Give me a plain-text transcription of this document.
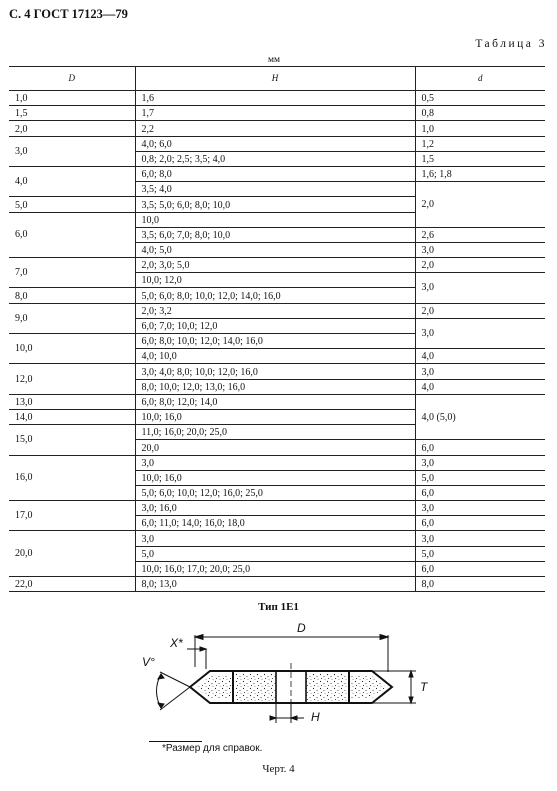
С. 4 ГОСТ 17123—79
Таблица 3
мм
D	H	d
1,0	1,6	0,5
1,5	1,7	0,8
2,0	2,2	1,0
3,0	4,0; 6,0	1,2
	0,8; 2,0; 2,5; 3,5; 4,0	1,5
4,0	6,0; 8,0	1,6; 1,8
	3,5; 4,0	2,0
5,0	3,5; 5,0; 6,0; 8,0; 10,0	
6,0	10,0	
	3,5; 6,0; 7,0; 8,0; 10,0	2,6
	4,0; 5,0	3,0
7,0	2,0; 3,0; 5,0	2,0
	10,0; 12,0	3,0
8,0	5,0; 6,0; 8,0; 10,0; 12,0; 14,0; 16,0	
9,0	2,0; 3,2	2,0
	6,0; 7,0; 10,0; 12,0	3,0
10,0	6,0; 8,0; 10,0; 12,0; 14,0; 16,0	
	4,0; 10,0	4,0
12,0	3,0; 4,0; 8,0; 10,0; 12,0; 16,0	3,0
	8,0; 10,0; 12,0; 13,0; 16,0	4,0
13,0	6,0; 8,0; 12,0; 14,0	4,0 (5,0)
14,0	10,0; 16,0	
15,0	11,0; 16,0; 20,0; 25,0	
	20,0	6,0
16,0	3,0	3,0
	10,0; 16,0	5,0
	5,0; 6,0; 10,0; 12,0; 16,0; 25,0	6,0
17,0	3,0; 16,0	3,0
	6,0; 11,0; 14,0; 16,0; 18,0	6,0
20,0	3,0	3,0
	5,0	5,0
	10,0; 16,0; 17,0; 20,0; 25,0	6,0
22,0	8,0; 13,0	8,0
Тип 1Е1
D
X*
V°
H
T
*Размер для справок.
Черт. 4
